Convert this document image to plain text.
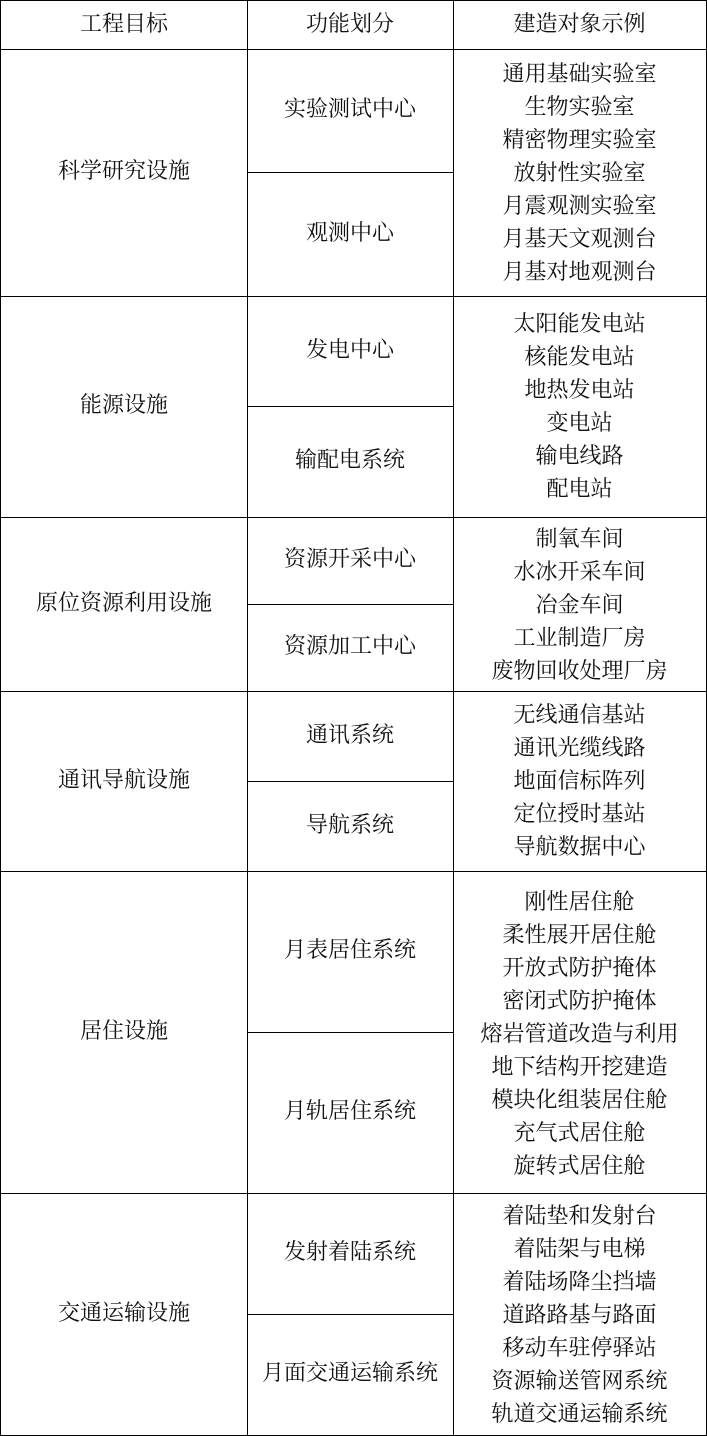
工程目标	功能划分	建造对象示例
科学研究设施
实验测试中心
观测中心
通用基础实验室
生物实验室
精密物理实验室
放射性实验室
月震观测实验室
月基天文观测台
月基对地观测台
能源设施
发电中心
输配电系统
太阳能发电站
核能发电站
地热发电站
变电站
输电线路
配电站
原位资源利用设施
资源开采中心
资源加工中心
制氧车间
水冰开采车间
冶金车间
工业制造厂房
废物回收处理厂房
通讯导航设施
通讯系统
导航系统
无线通信基站
通讯光缆线路
地面信标阵列
定位授时基站
导航数据中心
居住设施
月表居住系统
月轨居住系统
刚性居住舱
柔性展开居住舱
开放式防护掩体
密闭式防护掩体
熔岩管道改造与利用
地下结构开挖建造
模块化组装居住舱
充气式居住舱
旋转式居住舱
交通运输设施
发射着陆系统
月面交通运输系统
着陆垫和发射台
着陆架与电梯
着陆场降尘挡墙
道路路基与路面
移动车驻停驿站
资源输送管网系统
轨道交通运输系统
